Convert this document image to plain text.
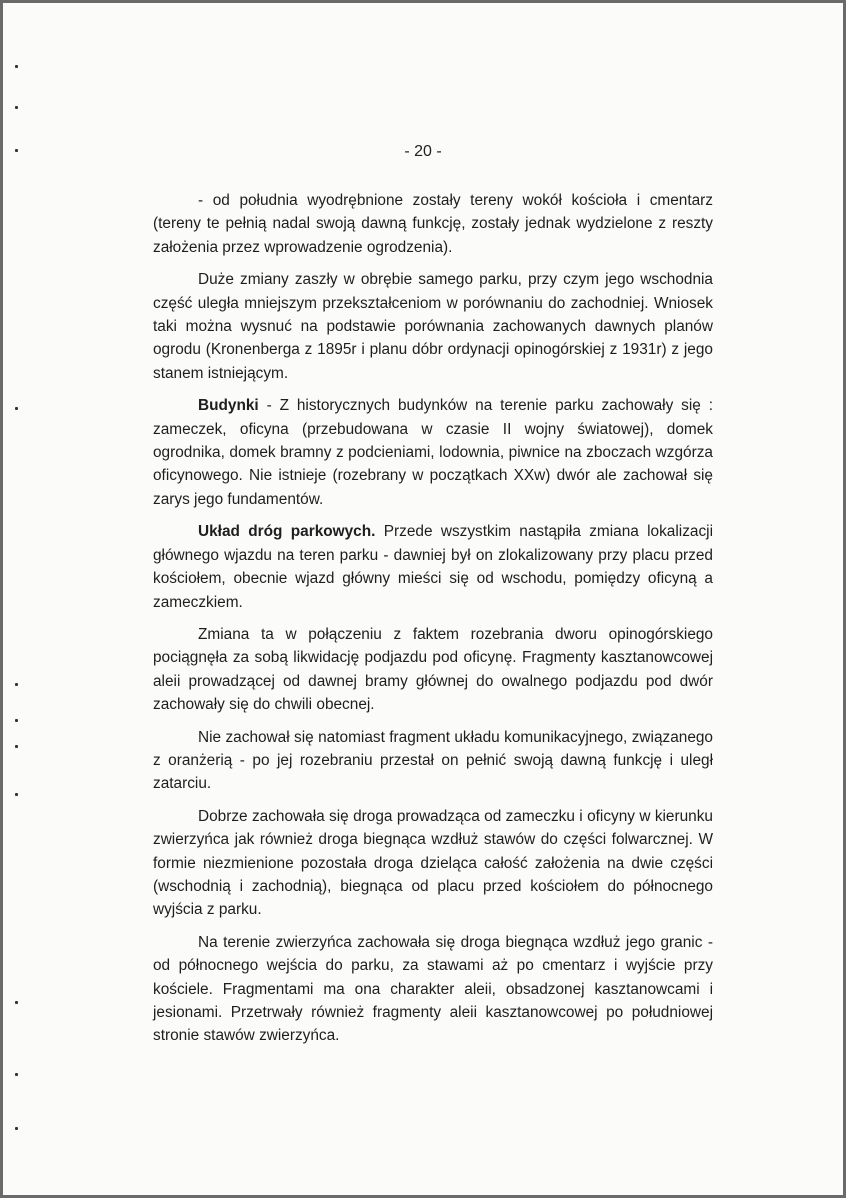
- 20 -

- od południa wyodrębnione zostały tereny wokół kościoła i cmentarz (tereny te pełnią nadal swoją dawną funkcję, zostały jednak wydzielone z reszty założenia przez wprowadzenie ogrodzenia).

Duże zmiany zaszły w obrębie samego parku, przy czym jego wschodnia część uległa mniejszym przekształceniom w porównaniu do zachodniej. Wniosek taki można wysnuć na podstawie porównania zachowanych dawnych planów ogrodu (Kronenberga z 1895r i planu dóbr ordynacji opinogórskiej z 1931r) z jego stanem istniejącym.

Budynki - Z historycznych budynków na terenie parku zachowały się : zameczek, oficyna (przebudowana w czasie II wojny światowej), domek ogrodnika, domek bramny z podcieniami, lodownia, piwnice na zboczach wzgórza oficynowego. Nie istnieje (rozebrany w początkach XXw) dwór ale zachował się zarys jego fundamentów.

Układ dróg parkowych. Przede wszystkim nastąpiła zmiana lokalizacji głównego wjazdu na teren parku - dawniej był on zlokalizowany przy placu przed kościołem, obecnie wjazd główny mieści się od wschodu, pomiędzy oficyną a zameczkiem.

Zmiana ta w połączeniu z faktem rozebrania dworu opinogórskiego pociągnęła za sobą likwidację podjazdu pod oficynę. Fragmenty kasztanowcowej aleii prowadzącej od dawnej bramy głównej do owalnego podjazdu pod dwór zachowały się do chwili obecnej.

Nie zachował się natomiast fragment układu komunikacyjnego, związanego z oranżerią - po jej rozebraniu przestał on pełnić swoją dawną funkcję i uległ zatarciu.

Dobrze zachowała się droga prowadząca od zameczku i oficyny w kierunku zwierzyńca jak również droga biegnąca wzdłuż stawów do części folwarcznej. W formie niezmienione pozostała droga dzieląca całość założenia na dwie części (wschodnią i zachodnią), biegnąca od placu przed kościołem do północnego wyjścia z parku.

Na terenie zwierzyńca zachowała się droga biegnąca wzdłuż jego granic - od północnego wejścia do parku, za stawami aż po cmentarz i wyjście przy kościele. Fragmentami ma ona charakter aleii, obsadzonej kasztanowcami i jesionami. Przetrwały również fragmenty aleii kasztanowcowej po południowej stronie stawów zwierzyńca.
